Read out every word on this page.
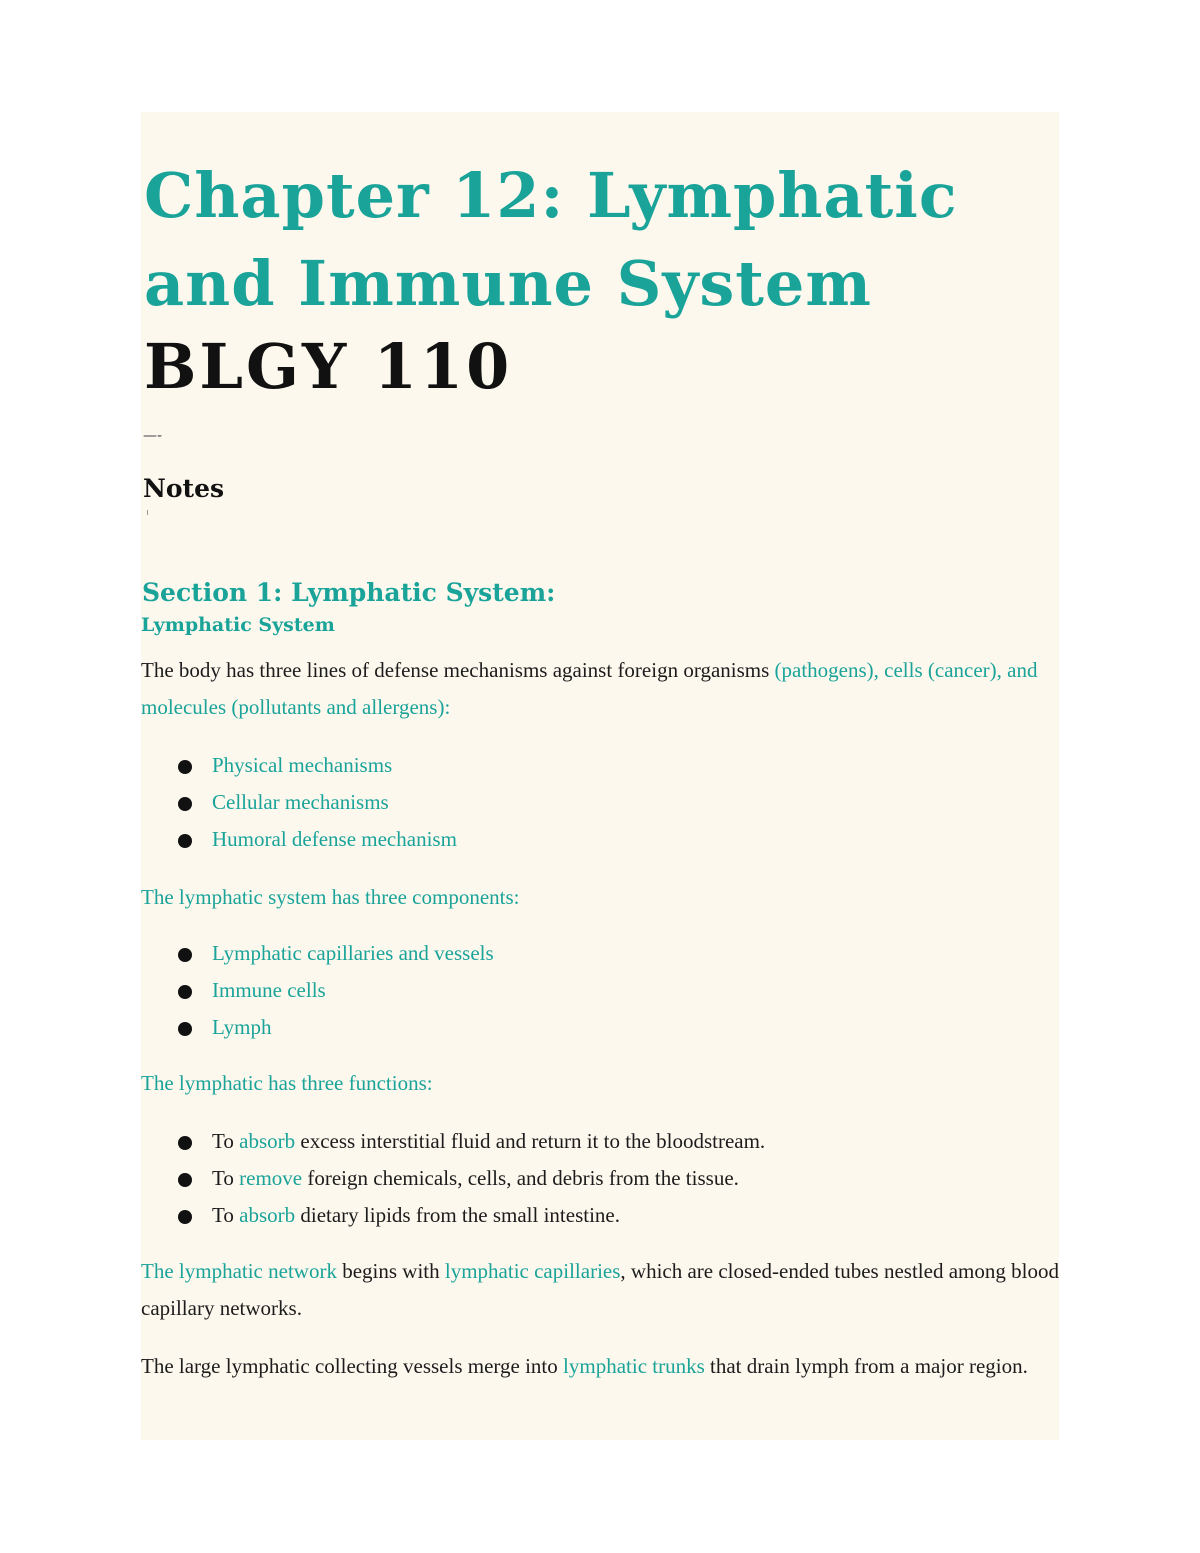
Chapter 12: Lymphatic and Immune System
BLGY 110
—-
Notes
Section 1: Lymphatic System:
Lymphatic System

The body has three lines of defense mechanisms against foreign organisms (pathogens), cells (cancer), and molecules (pollutants and allergens):

Physical mechanisms
Cellular mechanisms
Humoral defense mechanism

The lymphatic system has three components:

Lymphatic capillaries and vessels
Immune cells
Lymph

The lymphatic has three functions:

To absorb excess interstitial fluid and return it to the bloodstream.
To remove foreign chemicals, cells, and debris from the tissue.
To absorb dietary lipids from the small intestine.

The lymphatic network begins with lymphatic capillaries, which are closed-ended tubes nestled among blood capillary networks.

The large lymphatic collecting vessels merge into lymphatic trunks that drain lymph from a major region.
